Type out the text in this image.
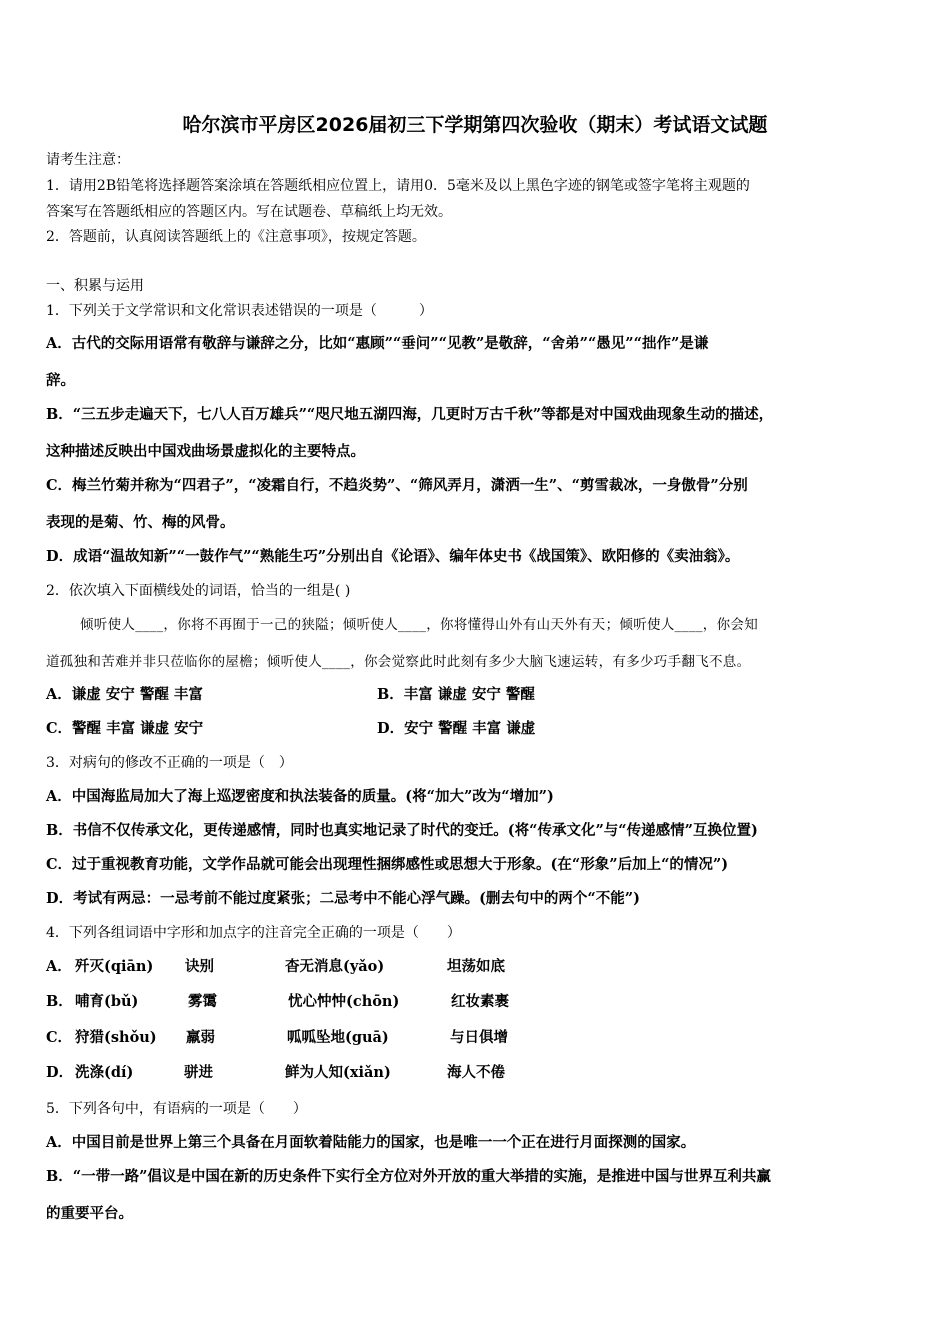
哈尔滨市平房区2026届初三下学期第四次验收（期末）考试语文试题
请考生注意：
1．请用2B铅笔将选择题答案涂填在答题纸相应位置上，请用0．5毫米及以上黑色字迹的钢笔或签字笔将主观题的
答案写在答题纸相应的答题区内。写在试题卷、草稿纸上均无效。
2．答题前，认真阅读答题纸上的《注意事项》，按规定答题。
一、积累与运用
1．下列关于文学常识和文化常识表述错误的一项是（　　　）
A．古代的交际用语常有敬辞与谦辞之分，比如“惠顾”“垂问”“见教”是敬辞，“舍弟”“愚见”“拙作”是谦
辞。
B．“三五步走遍天下，七八人百万雄兵”“咫尺地五湖四海，几更时万古千秋”等都是对中国戏曲现象生动的描述，
这种描述反映出中国戏曲场景虚拟化的主要特点。
C．梅兰竹菊并称为“四君子”，“凌霜自行，不趋炎势”、“筛风弄月，潇洒一生”、“剪雪裁冰，一身傲骨”分别
表现的是菊、竹、梅的风骨。
D．成语“温故知新”“一鼓作气”“熟能生巧”分别出自《论语》、编年体史书《战国策》、欧阳修的《卖油翁》。
2．依次填入下面横线处的词语，恰当的一组是( )
倾听使人____，你将不再囿于一己的狭隘；倾听使人____，你将懂得山外有山天外有天；倾听使人____，你会知
道孤独和苦难并非只莅临你的屋檐；倾听使人____，你会觉察此时此刻有多少大脑飞速运转，有多少巧手翻飞不息。
A．谦虚 安宁 警醒 丰富	B．丰富 谦虚 安宁 警醒
C．警醒 丰富 谦虚 安宁	D．安宁 警醒 丰富 谦虚
3．对病句的修改不正确的一项是（　）
A．中国海监局加大了海上巡逻密度和执法装备的质量。(将“加大”改为“增加”)
B．书信不仅传承文化，更传递感情，同时也真实地记录了时代的变迁。(将“传承文化”与“传递感情”互换位置)
C．过于重视教育功能，文学作品就可能会出现理性捆绑感性或思想大于形象。(在“形象”后加上“的情况”)
D．考试有两忌：一忌考前不能过度紧张；二忌考中不能心浮气躁。(删去句中的两个“不能”)
4．下列各组词语中字形和加点字的注音完全正确的一项是（　　）
A． 歼灭(qiān) 诀别	杳无消息(yǎo)	坦荡如底
B． 哺育(bǔ)	雾霭	忧心忡忡(chōn)	红妆素裹
C． 狩猎(shǒu) 羸弱	呱呱坠地(guā)	与日俱增
D． 洗涤(dí)	骈进	鲜为人知(xiǎn)	海人不倦
5．下列各句中，有语病的一项是（　　）
A．中国目前是世界上第三个具备在月面软着陆能力的国家，也是唯一一个正在进行月面探测的国家。
B．“一带一路”倡议是中国在新的历史条件下实行全方位对外开放的重大举措的实施，是推进中国与世界互利共赢
的重要平台。
